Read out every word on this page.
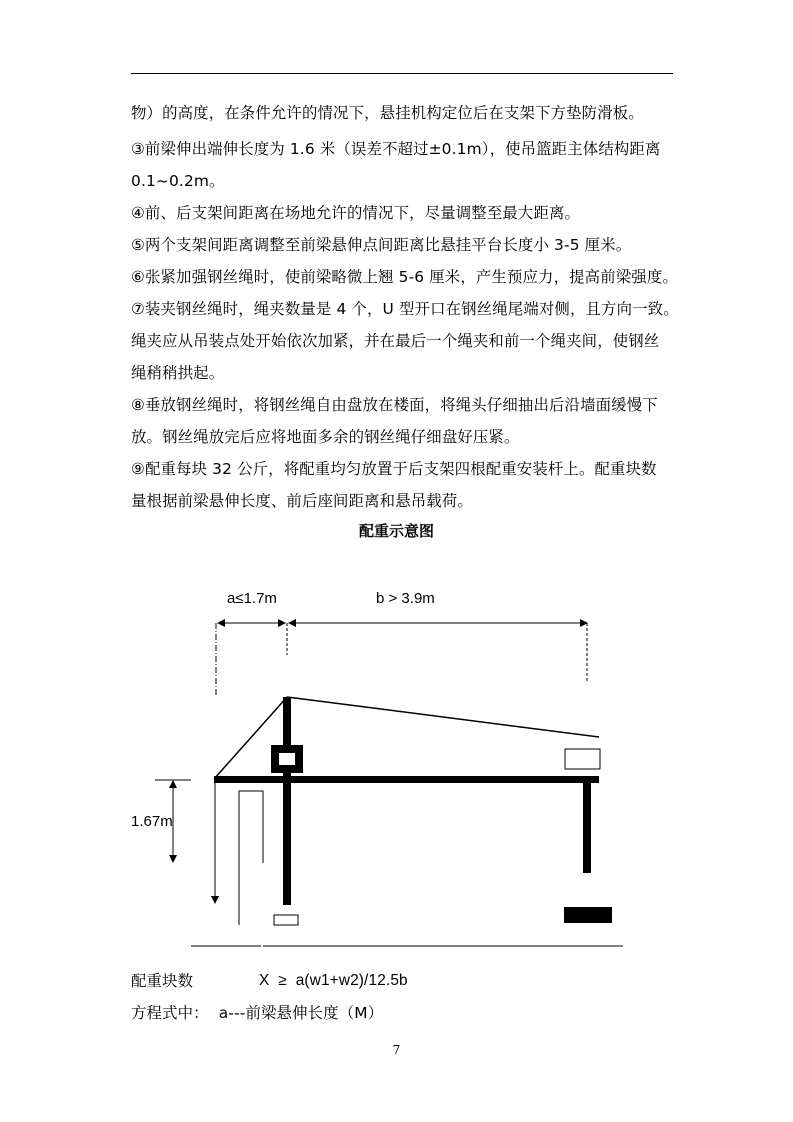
物）的高度，在条件允许的情况下，悬挂机构定位后在支架下方垫防滑板。
③前梁伸出端伸长度为 1.6 米（误差不超过±0.1m），使吊篮距主体结构距离
0.1~0.2m。
④前、后支架间距离在场地允许的情况下，尽量调整至最大距离。
⑤两个支架间距离调整至前梁悬伸点间距离比悬挂平台长度小 3-5 厘米。
⑥张紧加强钢丝绳时，使前梁略微上翘 5-6 厘米，产生预应力，提高前梁强度。
⑦装夹钢丝绳时，绳夹数量是 4 个，U 型开口在钢丝绳尾端对侧，且方向一致。
绳夹应从吊装点处开始依次加紧，并在最后一个绳夹和前一个绳夹间，使钢丝
绳稍稍拱起。
⑧垂放钢丝绳时，将钢丝绳自由盘放在楼面，将绳头仔细抽出后沿墙面缓慢下
放。钢丝绳放完后应将地面多余的钢丝绳仔细盘好压紧。
⑨配重每块 32 公斤，将配重均匀放置于后支架四根配重安装杆上。配重块数
量根据前梁悬伸长度、前后座间距离和悬吊载荷。
配重示意图
a≤1.7m	b > 3.9m
1.67m
配重块数	X  ≥  a(w1+w2)/12.5b
方程式中：  a---前梁悬伸长度（M）
7
